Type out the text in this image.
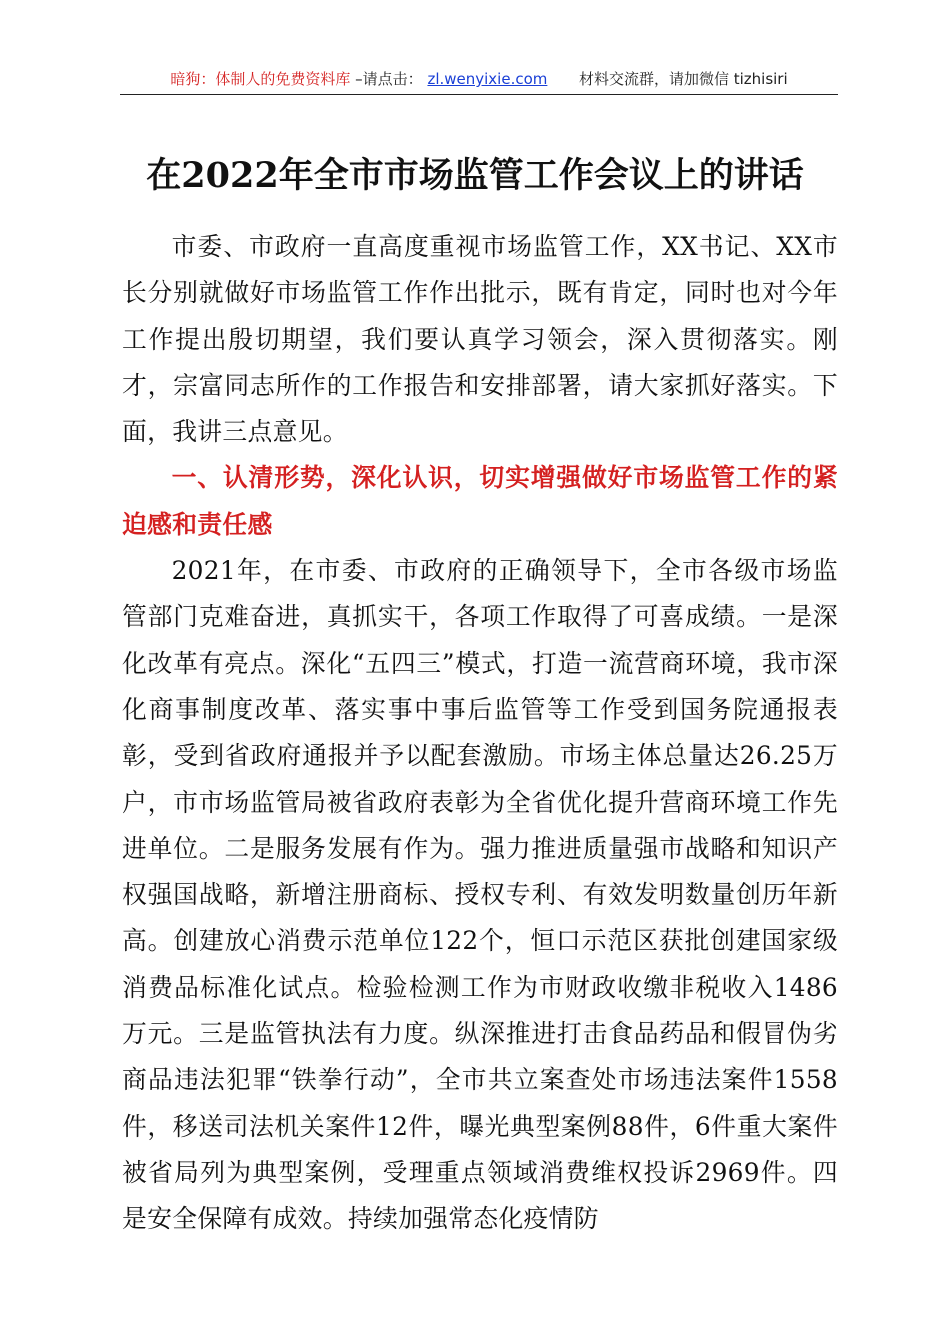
暗狗：体制人的免费资料库 –请点击： zl.wenyixie.com 材料交流群，请加微信 tizhisiri
在2022年全市市场监管工作会议上的讲话

市委、市政府一直高度重视市场监管工作，XX书记、XX市长分别就做好市场监管工作作出批示，既有肯定，同时也对今年工作提出殷切期望，我们要认真学习领会，深入贯彻落实。刚才，宗富同志所作的工作报告和安排部署，请大家抓好落实。下面，我讲三点意见。

一、认清形势，深化认识，切实增强做好市场监管工作的紧迫感和责任感

2021年，在市委、市政府的正确领导下，全市各级市场监管部门克难奋进，真抓实干，各项工作取得了可喜成绩。一是深化改革有亮点。深化“五四三”模式，打造一流营商环境，我市深化商事制度改革、落实事中事后监管等工作受到国务院通报表彰，受到省政府通报并予以配套激励。市场主体总量达26.25万户，市市场监管局被省政府表彰为全省优化提升营商环境工作先进单位。二是服务发展有作为。强力推进质量强市战略和知识产权强国战略，新增注册商标、授权专利、有效发明数量创历年新高。创建放心消费示范单位122个，恒口示范区获批创建国家级消费品标准化试点。检验检测工作为市财政收缴非税收入1486万元。三是监管执法有力度。纵深推进打击食品药品和假冒伪劣商品违法犯罪“铁拳行动”，全市共立案查处市场违法案件1558件，移送司法机关案件12件，曝光典型案例88件，6件重大案件被省局列为典型案例，受理重点领域消费维权投诉2969件。四是安全保障有成效。持续加强常态化疫情防
